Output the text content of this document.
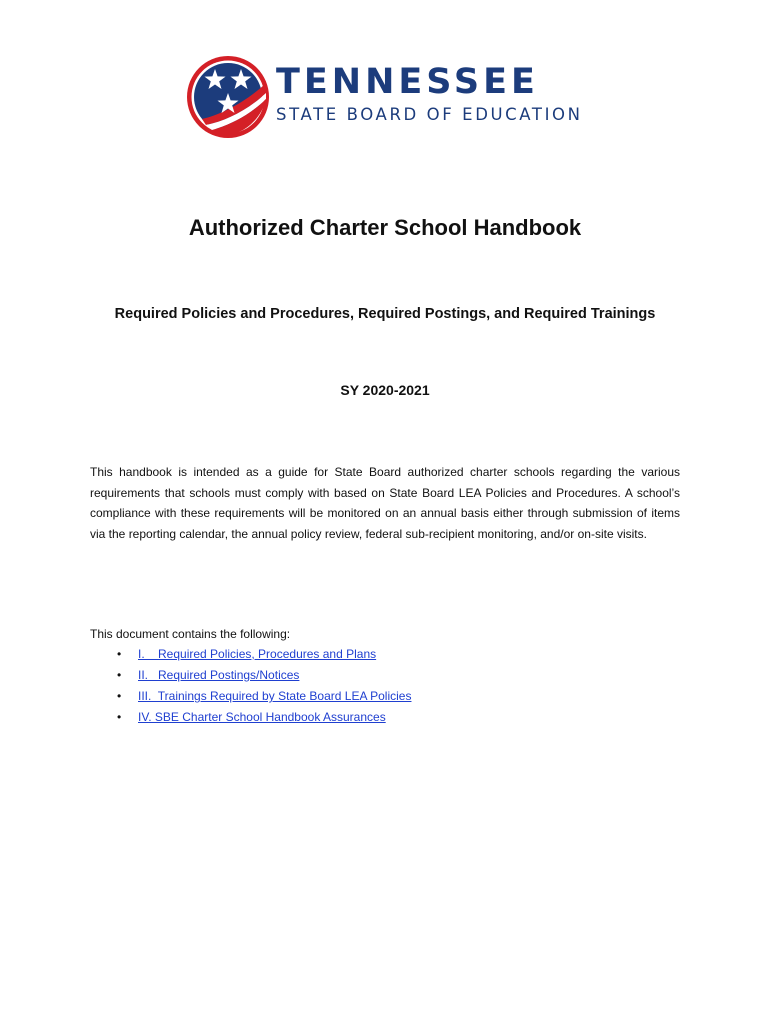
TENNESSEE
STATE BOARD OF EDUCATION
Authorized Charter School Handbook
Required Policies and Procedures, Required Postings, and Required Trainings
SY 2020-2021

This handbook is intended as a guide for State Board authorized charter schools regarding the various requirements that schools must comply with based on State Board LEA Policies and Procedures. A school’s compliance with these requirements will be monitored on an annual basis either through submission of items via the reporting calendar, the annual policy review, federal sub-recipient monitoring, and/or on-site visits.

This document contains the following:
• I.    Required Policies, Procedures and Plans
• II.   Required Postings/Notices
• III.  Trainings Required by State Board LEA Policies
• IV. SBE Charter School Handbook Assurances
